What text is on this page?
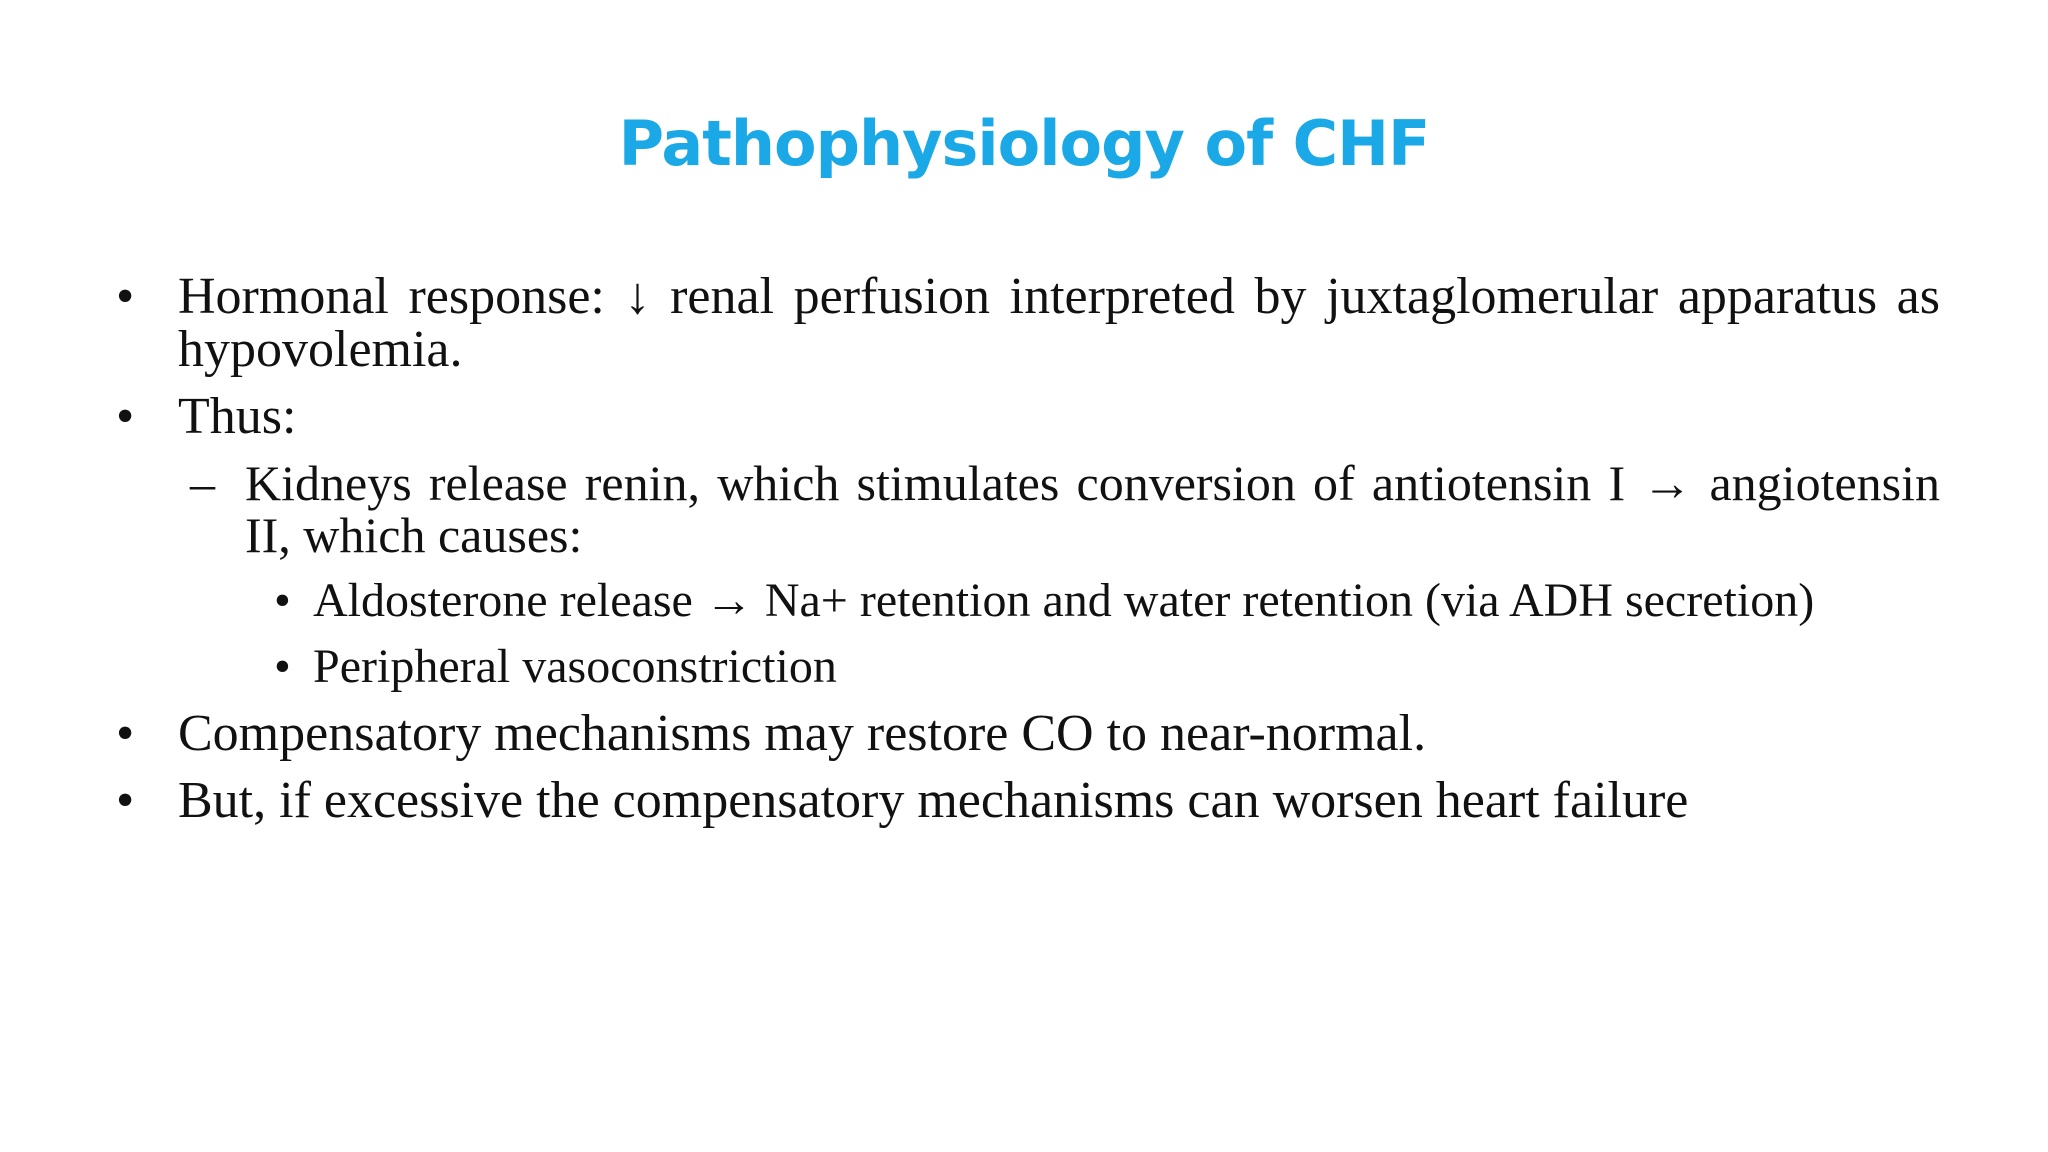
Pathophysiology of CHF
• Hormonal response: ↓ renal perfusion interpreted by juxtaglomerular apparatus as hypovolemia.
• Thus:
– Kidneys release renin, which stimulates conversion of antiotensin I → angiotensin II, which causes:
• Aldosterone release → Na+ retention and water retention (via ADH secretion)
• Peripheral vasoconstriction
• Compensatory mechanisms may restore CO to near-normal.
• But, if excessive the compensatory mechanisms can worsen heart failure
